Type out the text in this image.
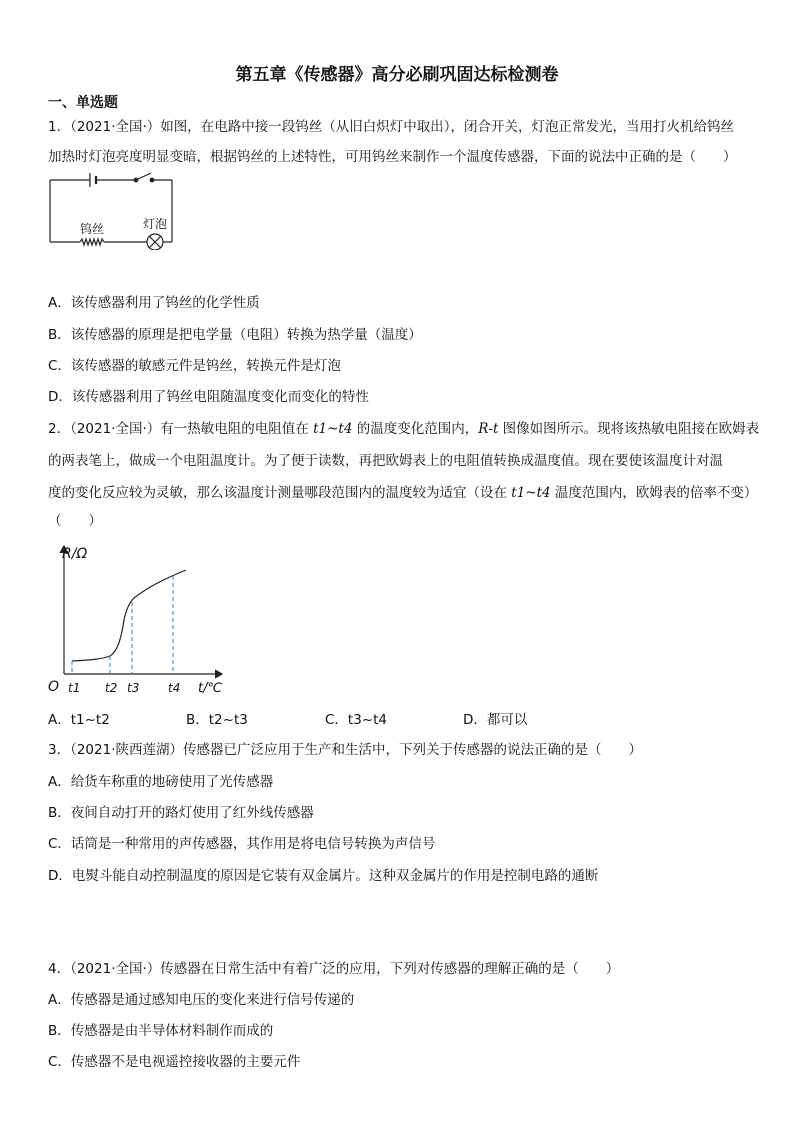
第五章《传感器》高分必刷巩固达标检测卷
一、单选题
1．（2021·全国·）如图，在电路中接一段钨丝（从旧白炽灯中取出），闭合开关，灯泡正常发光，当用打火机给钨丝
加热时灯泡亮度明显变暗，根据钨丝的上述特性，可用钨丝来制作一个温度传感器，下面的说法中正确的是（　　）
钨丝	灯泡
A．该传感器利用了钨丝的化学性质
B．该传感器的原理是把电学量（电阻）转换为热学量（温度）
C．该传感器的敏感元件是钨丝，转换元件是灯泡
D．该传感器利用了钨丝电阻随温度变化而变化的特性
2．（2021·全国·）有一热敏电阻的电阻值在 t1~t4 的温度变化范围内，R-t 图像如图所示。现将该热敏电阻接在欧姆表
的两表笔上，做成一个电阻温度计。为了便于读数，再把欧姆表上的电阻值转换成温度值。现在要使该温度计对温
度的变化反应较为灵敏，那么该温度计测量哪段范围内的温度较为适宜（设在 t1~t4 温度范围内，欧姆表的倍率不变）
（　　）
R/Ω
O t1 t2 t3 t4 t/℃
A．t1~t2	B．t2~t3	C．t3~t4	D．都可以
3．（2021·陕西莲湖）传感器已广泛应用于生产和生活中，下列关于传感器的说法正确的是（　　）
A．给货车称重的地磅使用了光传感器
B．夜间自动打开的路灯使用了红外线传感器
C．话筒是一种常用的声传感器，其作用是将电信号转换为声信号
D．电熨斗能自动控制温度的原因是它装有双金属片。这种双金属片的作用是控制电路的通断
4．（2021·全国·）传感器在日常生活中有着广泛的应用，下列对传感器的理解正确的是（　　）
A．传感器是通过感知电压的变化来进行信号传递的
B．传感器是由半导体材料制作而成的
C．传感器不是电视遥控接收器的主要元件
